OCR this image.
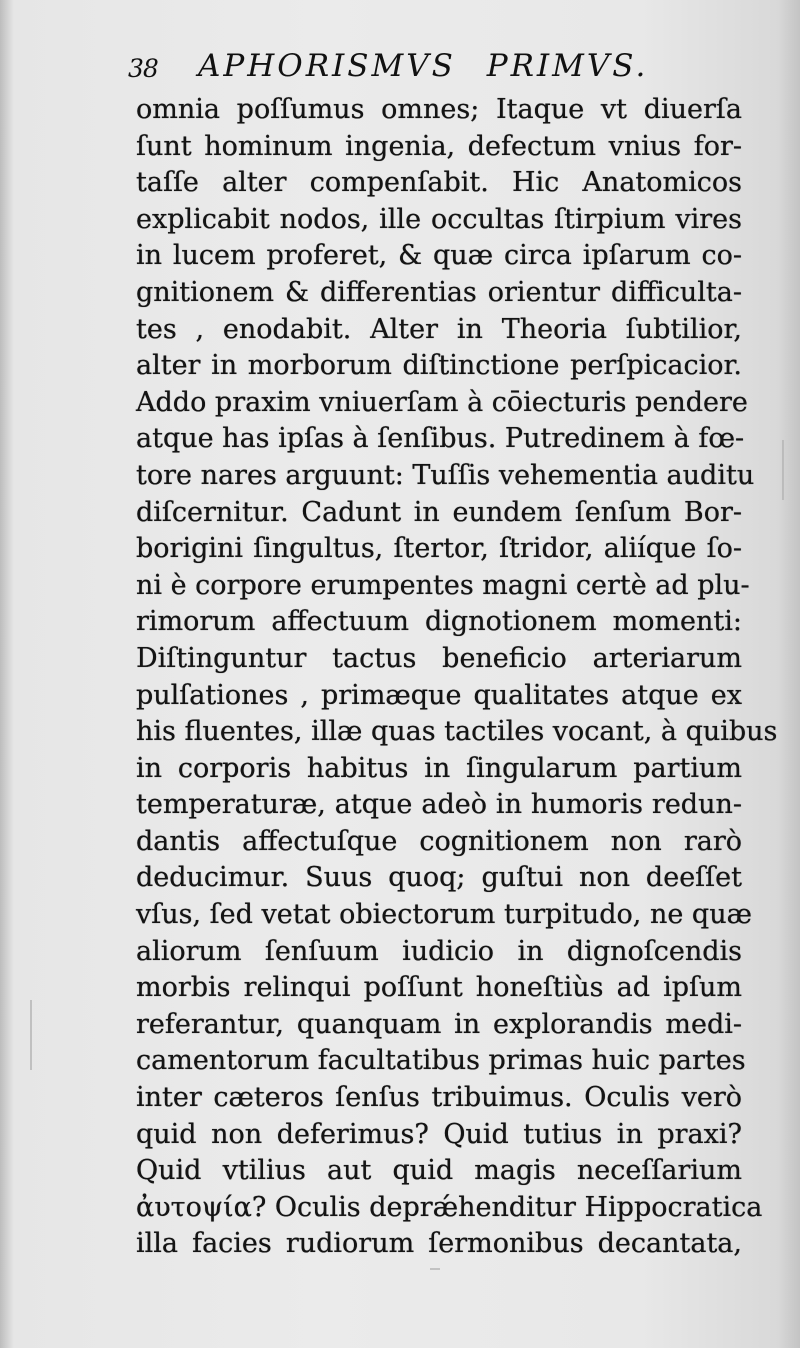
38 APHORISMVS PRIMVS.
omnia poſſumus omnes; Itaque vt diuerſa
ſunt hominum ingenia, defectum vnius for-
taſſe alter compenſabit. Hic Anatomicos
explicabit nodos, ille occultas ſtirpium vires
in lucem proferet, & quæ circa ipſarum co-
gnitionem & differentias orientur difficulta-
tes , enodabit. Alter in Theoria ſubtilior,
alter in morborum diſtinctione perſpicacior.
Addo praxim vniuerſam à cōiecturis pendere
atque has ipſas à ſenſibus. Putredinem à fœ-
tore nares arguunt: Tuſſis vehementia auditu
diſcernitur. Cadunt in eundem ſenſum Bor-
borigini ſingultus, ſtertor, ſtridor, aliíque ſo-
ni è corpore erumpentes magni certè ad plu-
rimorum affectuum dignotionem momenti:
Diſtinguntur tactus beneficio arteriarum
pulſationes , primæque qualitates atque ex
his fluentes, illæ quas tactiles vocant, à quibus
in corporis habitus in ſingularum partium
temperaturæ, atque adeò in humoris redun-
dantis affectuſque cognitionem non rarò
deducimur. Suus quoq; guſtui non deeſſet
vſus, ſed vetat obiectorum turpitudo, ne quæ
aliorum ſenſuum iudicio in dignoſcendis
morbis relinqui poſſunt honeſtiùs ad ipſum
referantur, quanquam in explorandis medi-
camentorum facultatibus primas huic partes
inter cæteros ſenſus tribuimus. Oculis verò
quid non deferimus? Quid tutius in praxi?
Quid vtilius aut quid magis neceſſarium
ἀυτοψία? Oculis deprǽhenditur Hippocratica
illa facies rudiorum ſermonibus decantata,
